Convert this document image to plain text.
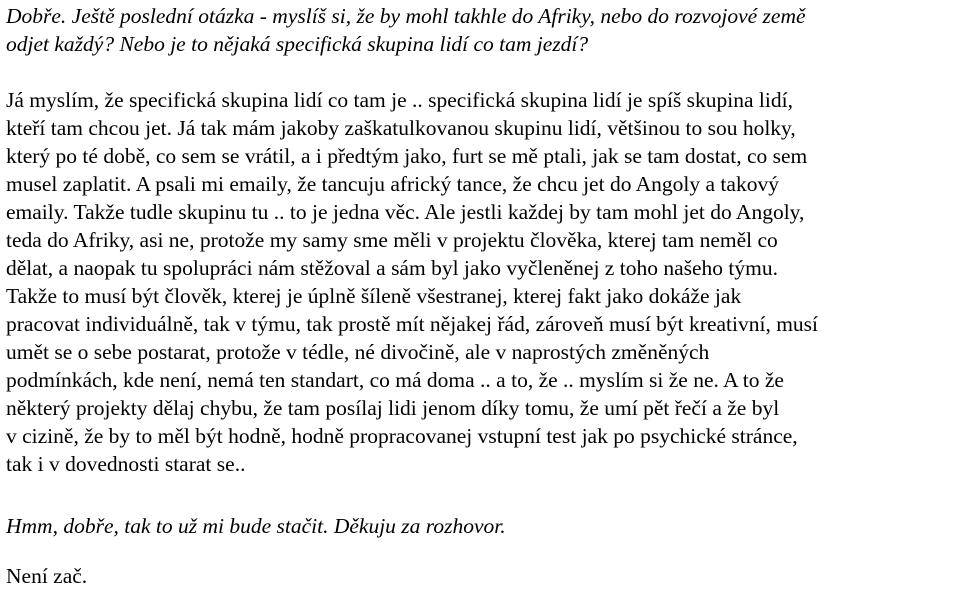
Dobře. Ještě poslední otázka - myslíš si, že by mohl takhle do Afriky, nebo do rozvojové země
odjet každý? Nebo je to nějaká specifická skupina lidí co tam jezdí?
Já myslím, že specifická skupina lidí co tam je .. specifická skupina lidí je spíš skupina lidí,
kteří tam chcou jet. Já tak mám jakoby zaškatulkovanou skupinu lidí, většinou to sou holky,
který po té době, co sem se vrátil, a i předtým jako, furt se mě ptali, jak se tam dostat, co sem
musel zaplatit. A psali mi emaily, že tancuju africký tance, že chcu jet do Angoly a takový
emaily. Takže tudle skupinu tu .. to je jedna věc. Ale jestli každej by tam mohl jet do Angoly,
teda do Afriky, asi ne, protože my samy sme měli v projektu člověka, kterej tam neměl co
dělat, a naopak tu spolupráci nám stěžoval a sám byl jako vyčleněnej z toho našeho týmu.
Takže to musí být člověk, kterej je úplně šíleně všestranej, kterej fakt jako dokáže jak
pracovat individuálně, tak v týmu, tak prostě mít nějakej řád, zároveň musí být kreativní, musí
umět se o sebe postarat, protože v tédle, né divočině, ale v naprostých změněných
podmínkách, kde není, nemá ten standart, co má doma .. a to, že .. myslím si že ne. A to že
některý projekty dělaj chybu, že tam posílaj lidi jenom díky tomu, že umí pět řečí a že byl
v cizině, že by to měl být hodně, hodně propracovanej vstupní test jak po psychické stránce,
tak i v dovednosti starat se..
Hmm, dobře, tak to už mi bude stačit. Děkuju za rozhovor.
Není zač.
